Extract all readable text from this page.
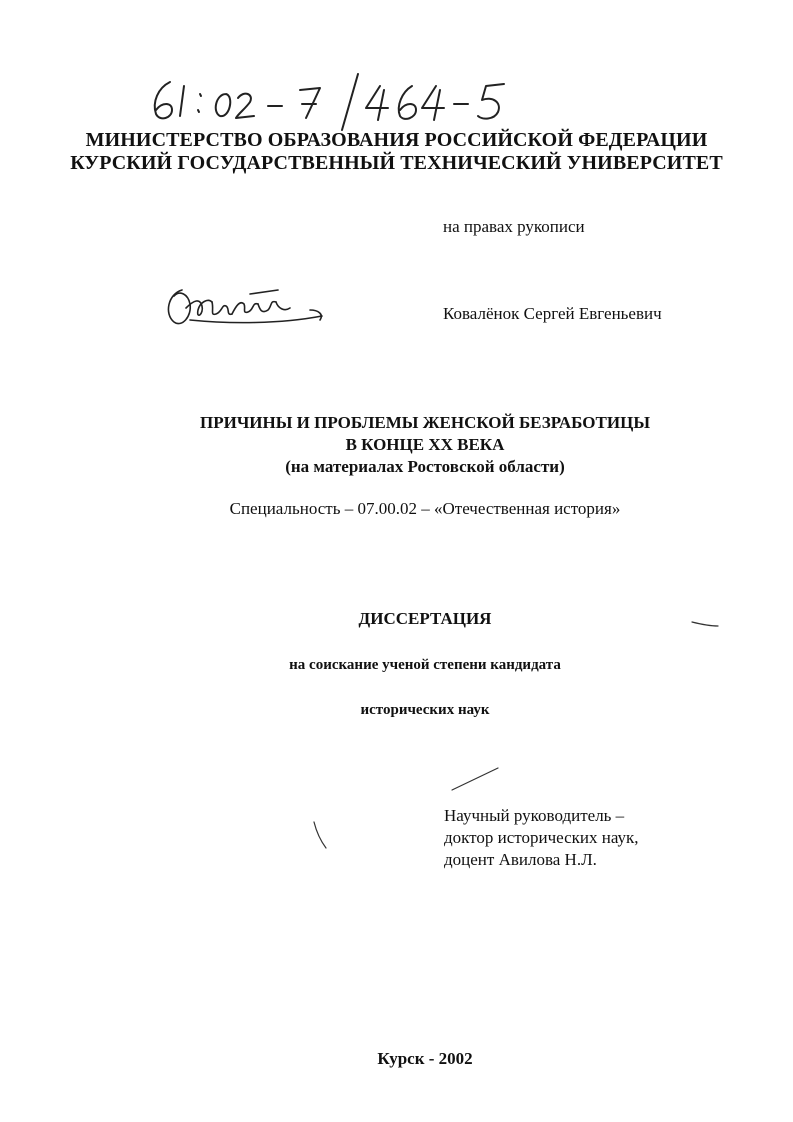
61:02-7/464-5
МИНИСТЕРСТВО ОБРАЗОВАНИЯ РОССИЙСКОЙ ФЕДЕРАЦИИ
КУРСКИЙ ГОСУДАРСТВЕННЫЙ ТЕХНИЧЕСКИЙ УНИВЕРСИТЕТ
на правах рукописи
Ковалёнок
Ковалёнок Сергей Евгеньевич
ПРИЧИНЫ И ПРОБЛЕМЫ ЖЕНСКОЙ БЕЗРАБОТИЦЫ
В КОНЦЕ XX ВЕКА
(на материалах Ростовской области)
Специальность – 07.00.02 – «Отечественная история»
ДИССЕРТАЦИЯ
на соискание ученой степени кандидата
исторических наук
Научный руководитель –
доктор исторических наук,
доцент Авилова Н.Л.
Курск - 2002
